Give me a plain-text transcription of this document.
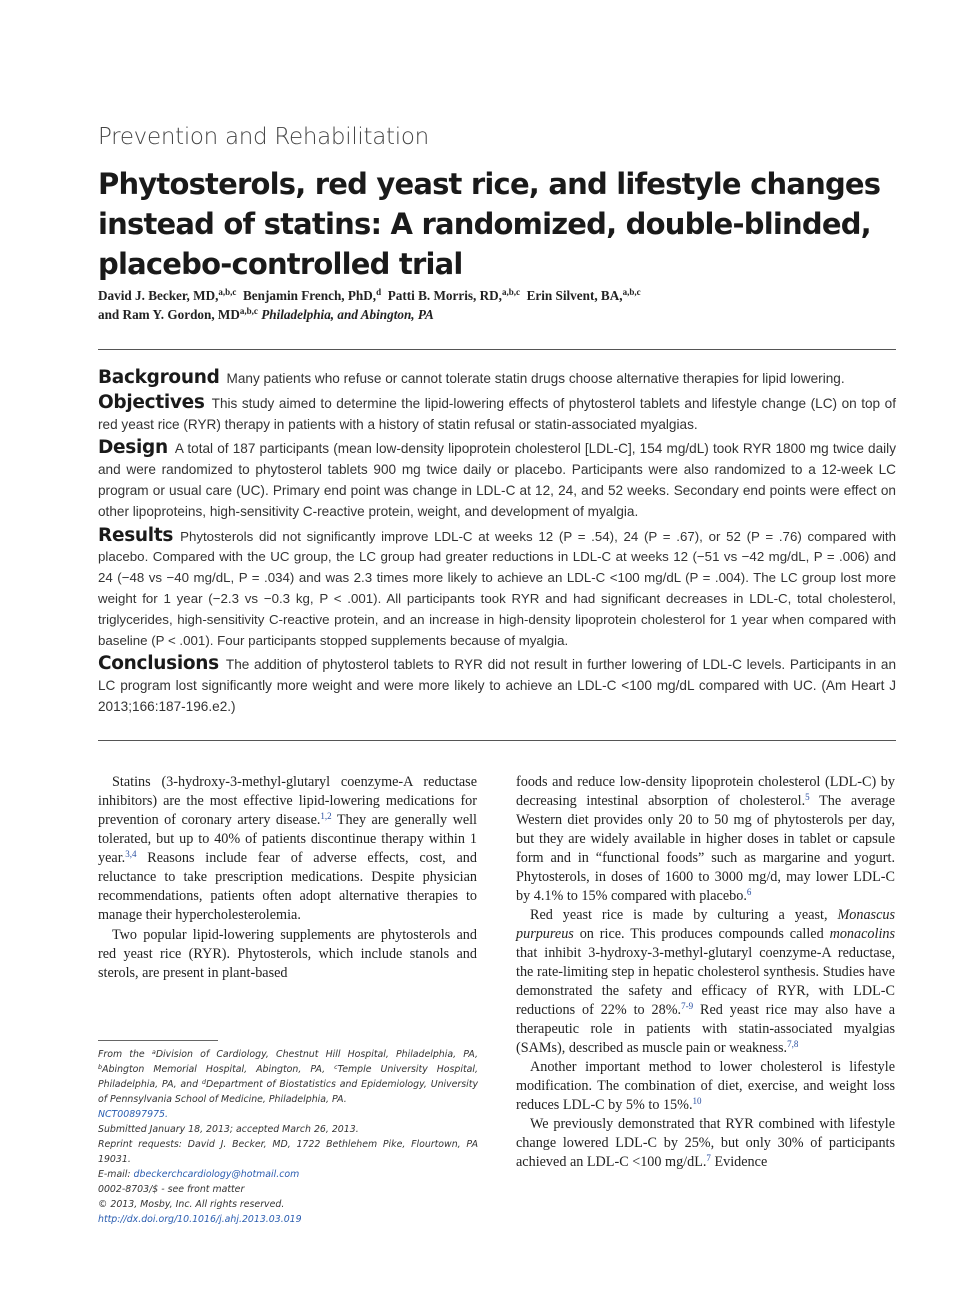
Prevention and Rehabilitation
Phytosterols, red yeast rice, and lifestyle changes
instead of statins: A randomized, double-blinded,
placebo-controlled trial
David J. Becker, MD,$^{a,b,c}$ Benjamin French, PhD,$^d$ Patti B. Morris, RD,$^{a,b,c}$ Erin Silvent, BA,$^{a,b,c}$
and Ram Y. Gordon, MD$^{a,b,c}$ Philadelphia, and Abington, PA

Background Many patients who refuse or cannot tolerate statin drugs choose alternative therapies for lipid lowering.

Objectives This study aimed to determine the lipid-lowering effects of phytosterol tablets and lifestyle change (LC) on top of red yeast rice (RYR) therapy in patients with a history of statin refusal or statin-associated myalgias.

Design A total of 187 participants (mean low-density lipoprotein cholesterol [LDL-C], 154 mg/dL) took RYR 1800 mg twice daily and were randomized to phytosterol tablets 900 mg twice daily or placebo. Participants were also randomized to a 12-week LC program or usual care (UC). Primary end point was change in LDL-C at 12, 24, and 52 weeks. Secondary end points were effect on other lipoproteins, high-sensitivity C-reactive protein, weight, and development of myalgia.

Results Phytosterols did not significantly improve LDL-C at weeks 12 (P = .54), 24 (P = .67), or 52 (P = .76) compared with placebo. Compared with the UC group, the LC group had greater reductions in LDL-C at weeks 12 (−51 vs −42 mg/dL, P = .006) and 24 (−48 vs −40 mg/dL, P = .034) and was 2.3 times more likely to achieve an LDL-C <100 mg/dL (P = .004). The LC group lost more weight for 1 year (−2.3 vs −0.3 kg, P < .001). All participants took RYR and had significant decreases in LDL-C, total cholesterol, triglycerides, high-sensitivity C-reactive protein, and an increase in high-density lipoprotein cholesterol for 1 year when compared with baseline (P < .001). Four participants stopped supplements because of myalgia.

Conclusions The addition of phytosterol tablets to RYR did not result in further lowering of LDL-C levels. Participants in an LC program lost significantly more weight and were more likely to achieve an LDL-C <100 mg/dL compared with UC. (Am Heart J 2013;166:187-196.e2.)

Statins (3-hydroxy-3-methyl-glutaryl coenzyme-A reductase inhibitors) are the most effective lipid-lowering medications for prevention of coronary artery disease.$^{1,2}$ They are generally well tolerated, but up to 40% of patients discontinue therapy within 1 year.$^{3,4}$ Reasons include fear of adverse effects, cost, and reluctance to take prescription medications. Despite physician recommendations, patients often adopt alternative therapies to manage their hypercholesterolemia.

Two popular lipid-lowering supplements are phytosterols and red yeast rice (RYR). Phytosterols, which include stanols and sterols, are present in plant-based

foods and reduce low-density lipoprotein cholesterol (LDL-C) by decreasing intestinal absorption of cholesterol.$^5$ The average Western diet provides only 20 to 50 mg of phytosterols per day, but they are widely available in higher doses in tablet or capsule form and in “functional foods” such as margarine and yogurt. Phytosterols, in doses of 1600 to 3000 mg/d, may lower LDL-C by 4.1% to 15% compared with placebo.$^6$

Red yeast rice is made by culturing a yeast, Monascus purpureus on rice. This produces compounds called monacolins that inhibit 3-hydroxy-3-methyl-glutaryl coenzyme-A reductase, the rate-limiting step in hepatic cholesterol synthesis. Studies have demonstrated the safety and efficacy of RYR, with LDL-C reductions of 22% to 28%.$^{7-9}$ Red yeast rice may also have a therapeutic role in patients with statin-associated myalgias (SAMs), described as muscle pain or weakness.$^{7,8}$

Another important method to lower cholesterol is lifestyle modification. The combination of diet, exercise, and weight loss reduces LDL-C by 5% to 15%.$^{10}$

We previously demonstrated that RYR combined with lifestyle change lowered LDL-C by 25%, but only 30% of participants achieved an LDL-C <100 mg/dL.$^7$ Evidence

From the $^a$Division of Cardiology, Chestnut Hill Hospital, Philadelphia, PA, $^b$Abington Memorial Hospital, Abington, PA, $^c$Temple University Hospital, Philadelphia, PA, and $^d$Department of Biostatistics and Epidemiology, University of Pennsylvania School of Medicine, Philadelphia, PA.

NCT00897975.

Submitted January 18, 2013; accepted March 26, 2013.

Reprint requests: David J. Becker, MD, 1722 Bethlehem Pike, Flourtown, PA 19031.

E-mail: dbeckerchcardiology@hotmail.com

0002-8703/$ - see front matter

© 2013, Mosby, Inc. All rights reserved.

http://dx.doi.org/10.1016/j.ahj.2013.03.019
